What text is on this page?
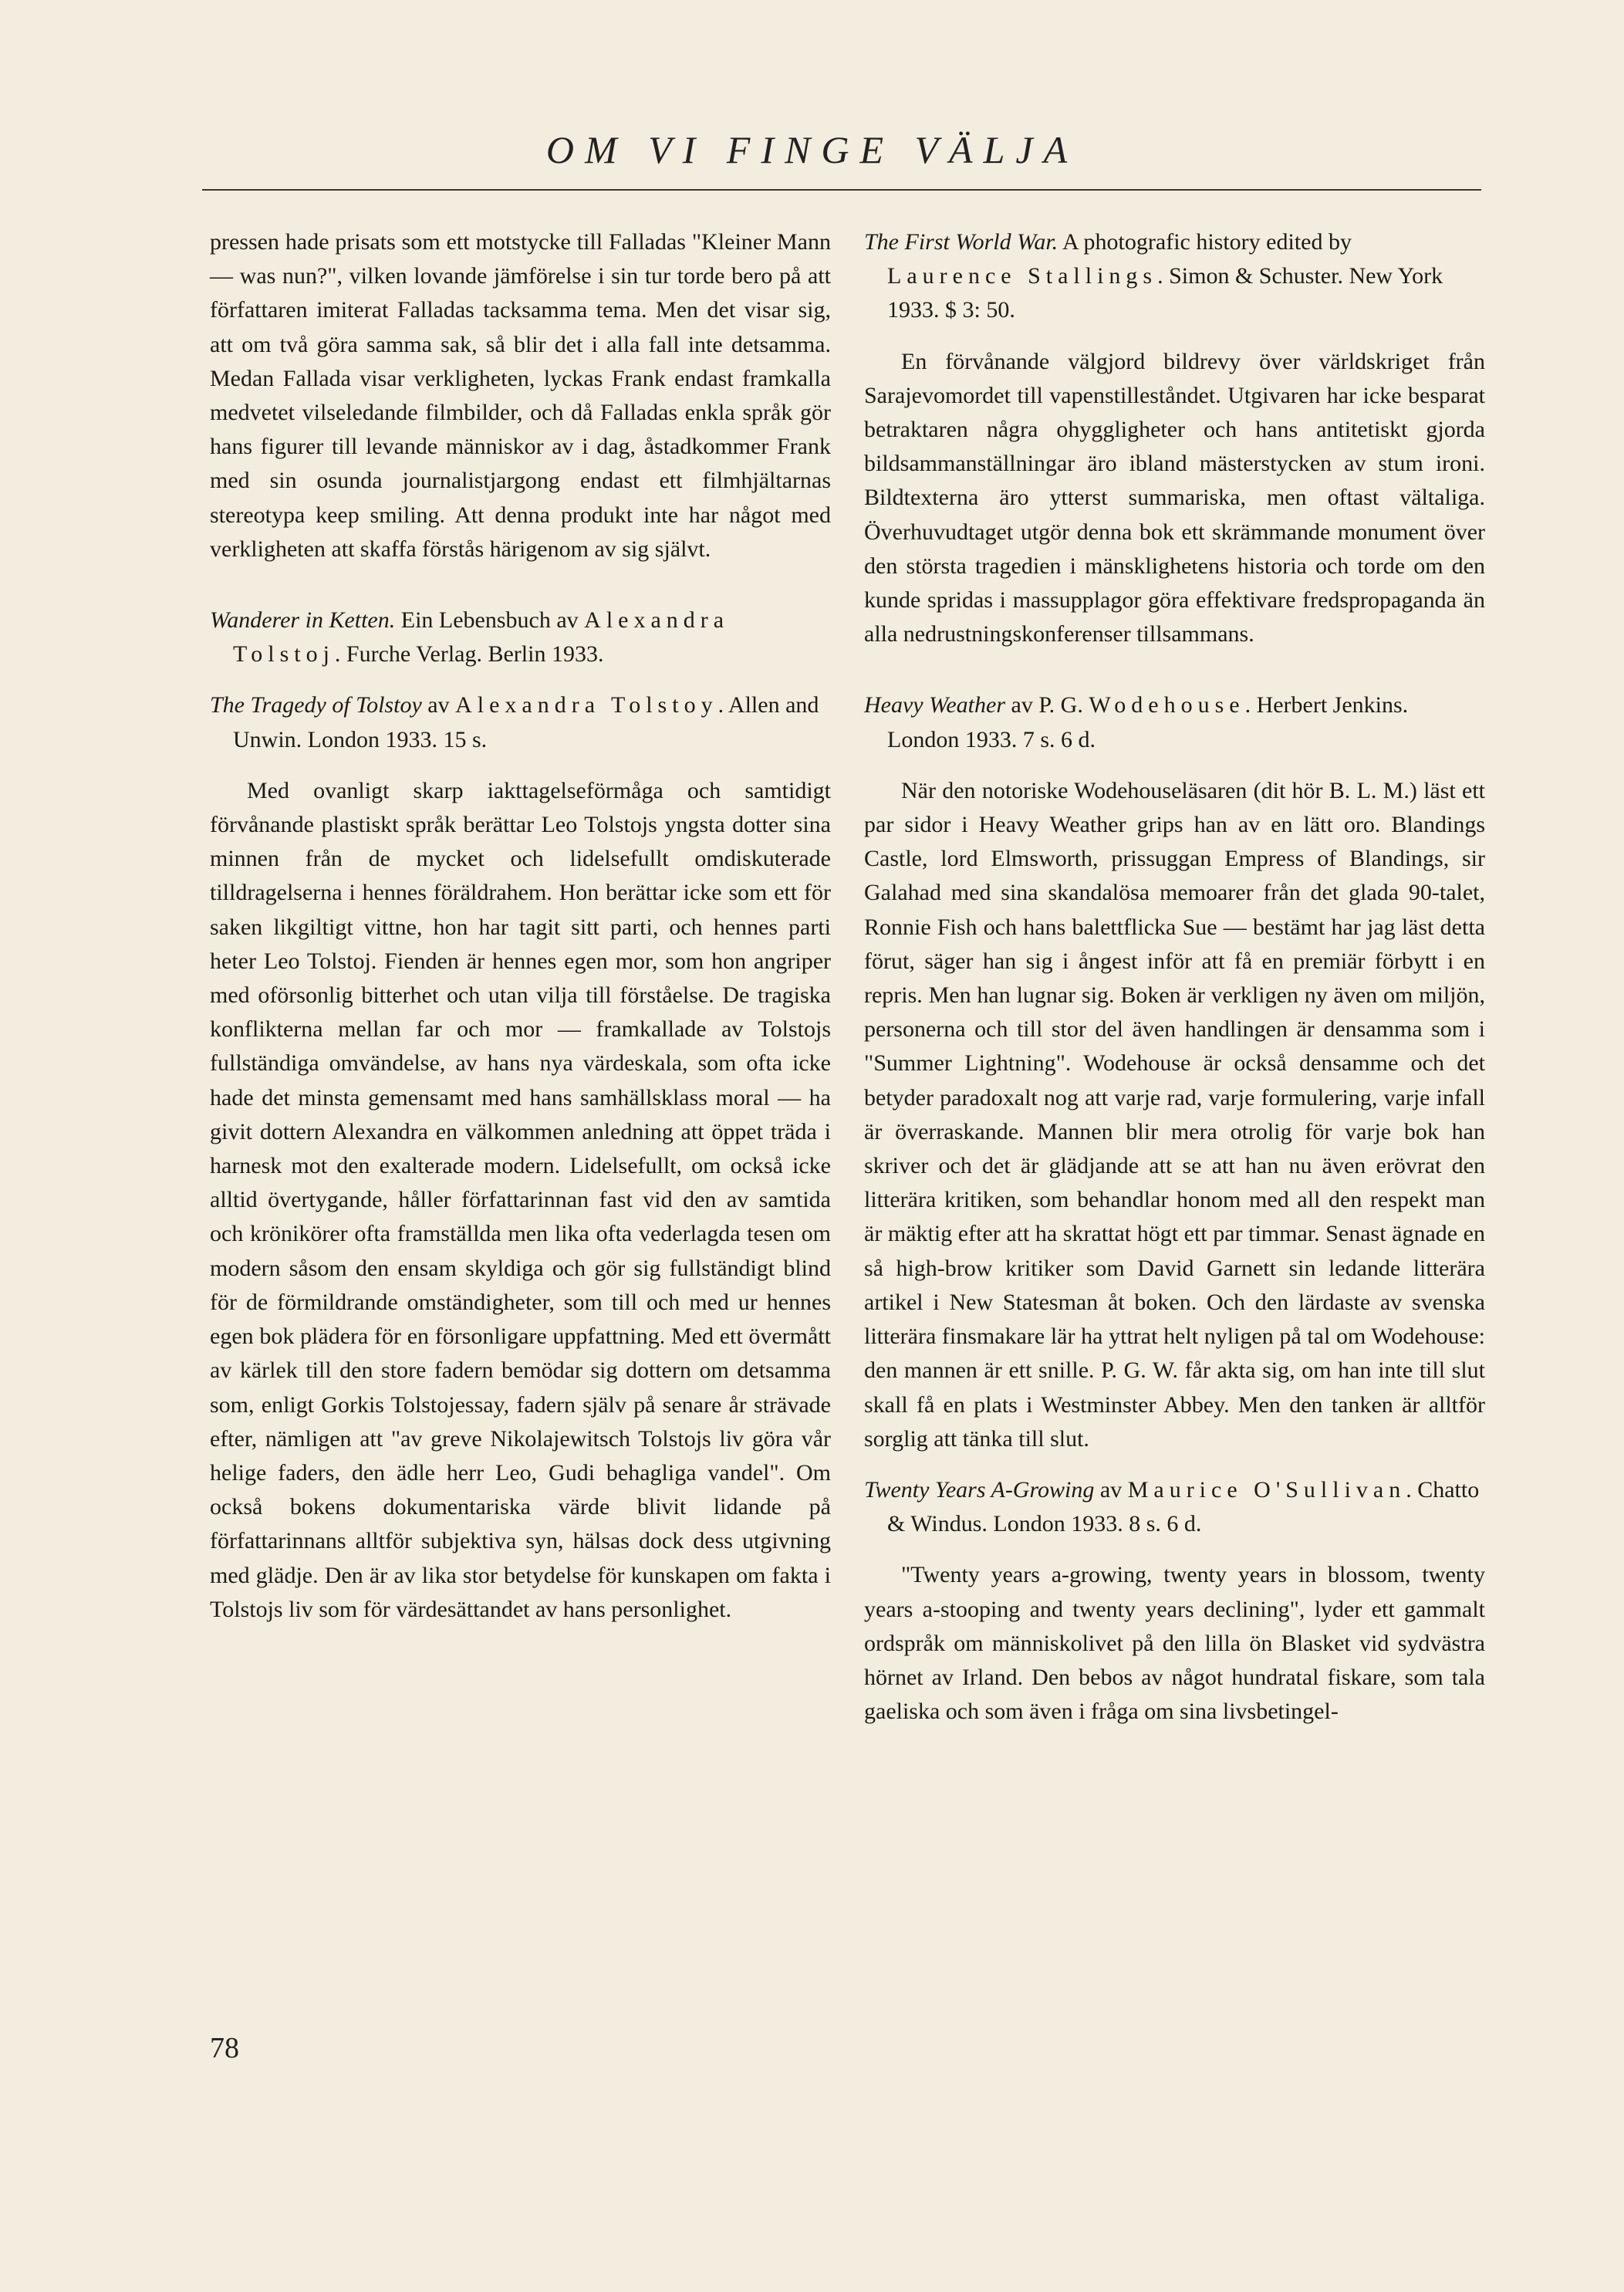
OM VI FINGE VÄLJA

pressen hade prisats som ett motstycke till Falladas "Kleiner Mann — was nun?", vilken lovande jämförelse i sin tur torde bero på att författaren imiterat Falladas tacksamma tema. Men det visar sig, att om två göra samma sak, så blir det i alla fall inte detsamma. Medan Fallada visar verkligheten, lyckas Frank endast framkalla medvetet vilseledande filmbilder, och då Falladas enkla språk gör hans figurer till levande människor av i dag, åstadkommer Frank med sin osunda journalistjargong endast ett filmhjältarnas stereotypa keep smiling. Att denna produkt inte har något med verkligheten att skaffa förstås härigenom av sig självt.

Wanderer in Ketten. Ein Lebensbuch av Alexandra Tolstoj. Furche Verlag. Berlin 1933.

The Tragedy of Tolstoy av Alexandra Tolstoy. Allen and Unwin. London 1933. 15 s.

Med ovanligt skarp iakttagelseförmåga och samtidigt förvånande plastiskt språk berättar Leo Tolstojs yngsta dotter sina minnen från de mycket och lidelsefullt omdiskuterade tilldragelserna i hennes föräldrahem. Hon berättar icke som ett för saken likgiltigt vittne, hon har tagit sitt parti, och hennes parti heter Leo Tolstoj. Fienden är hennes egen mor, som hon angriper med oförsonlig bitterhet och utan vilja till förståelse. De tragiska konflikterna mellan far och mor — framkallade av Tolstojs fullständiga omvändelse, av hans nya värdeskala, som ofta icke hade det minsta gemensamt med hans samhällsklass moral — ha givit dottern Alexandra en välkommen anledning att öppet träda i harnesk mot den exalterade modern. Lidelsefullt, om också icke alltid övertygande, håller författarinnan fast vid den av samtida och krönikörer ofta framställda men lika ofta vederlagda tesen om modern såsom den ensam skyldiga och gör sig fullständigt blind för de förmildrande omständigheter, som till och med ur hennes egen bok plädera för en försonligare uppfattning. Med ett övermått av kärlek till den store fadern bemödar sig dottern om detsamma som, enligt Gorkis Tolstojessay, fadern själv på senare år strävade efter, nämligen att "av greve Nikolajewitsch Tolstojs liv göra vår helige faders, den ädle herr Leo, Gudi behagliga vandel". Om också bokens dokumentariska värde blivit lidande på författarinnans alltför subjektiva syn, hälsas dock dess utgivning med glädje. Den är av lika stor betydelse för kunskapen om fakta i Tolstojs liv som för värdesättandet av hans personlighet.

The First World War. A photografic history edited by Laurence Stallings. Simon & Schuster. New York 1933. $ 3: 50.

En förvånande välgjord bildrevy över världskriget från Sarajevomordet till vapenstilleståndet. Utgivaren har icke besparat betraktaren några ohyggligheter och hans antitetiskt gjorda bildsammanställningar äro ibland mästerstycken av stum ironi. Bildtexterna äro ytterst summariska, men oftast vältaliga. Överhuvudtaget utgör denna bok ett skrämmande monument över den största tragedien i mänsklighetens historia och torde om den kunde spridas i massupplagor göra effektivare fredspropaganda än alla nedrustningskonferenser tillsammans.

Heavy Weather av P. G. Wodehouse. Herbert Jenkins. London 1933. 7 s. 6 d.

När den notoriske Wodehouseläsaren (dit hör B. L. M.) läst ett par sidor i Heavy Weather grips han av en lätt oro. Blandings Castle, lord Elmsworth, prissuggan Empress of Blandings, sir Galahad med sina skandalösa memoarer från det glada 90-talet, Ronnie Fish och hans balettflicka Sue — bestämt har jag läst detta förut, säger han sig i ångest inför att få en premiär förbytt i en repris. Men han lugnar sig. Boken är verkligen ny även om miljön, personerna och till stor del även handlingen är densamma som i "Summer Lightning". Wodehouse är också densamme och det betyder paradoxalt nog att varje rad, varje formulering, varje infall är överraskande. Mannen blir mera otrolig för varje bok han skriver och det är glädjande att se att han nu även erövrat den litterära kritiken, som behandlar honom med all den respekt man är mäktig efter att ha skrattat högt ett par timmar. Senast ägnade en så high-brow kritiker som David Garnett sin ledande litterära artikel i New Statesman åt boken. Och den lärdaste av svenska litterära finsmakare lär ha yttrat helt nyligen på tal om Wodehouse: den mannen är ett snille. P. G. W. får akta sig, om han inte till slut skall få en plats i Westminster Abbey. Men den tanken är alltför sorglig att tänka till slut.

Twenty Years A-Growing av Maurice O'Sullivan. Chatto & Windus. London 1933. 8 s. 6 d.

"Twenty years a-growing, twenty years in blossom, twenty years a-stooping and twenty years declining", lyder ett gammalt ordspråk om människolivet på den lilla ön Blasket vid sydvästra hörnet av Irland. Den bebos av något hundratal fiskare, som tala gaeliska och som även i fråga om sina livsbetingel-

78
